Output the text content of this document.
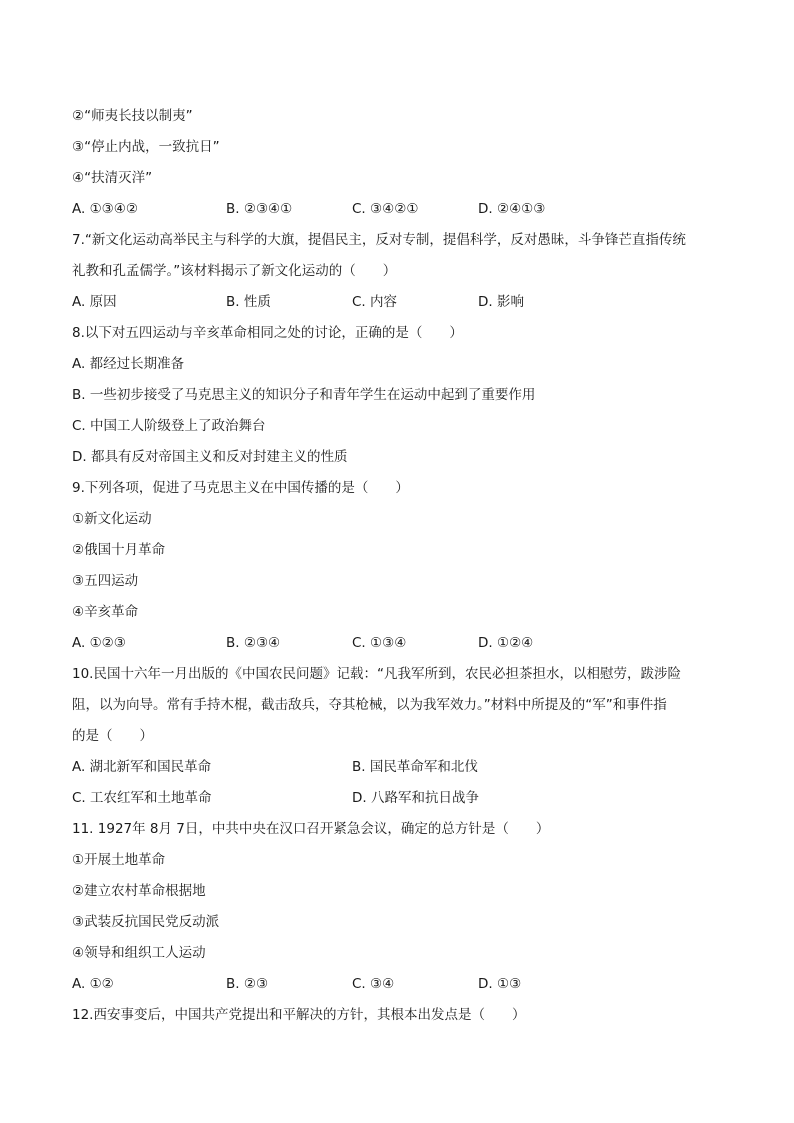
②“师夷长技以制夷”
③“停止内战，一致抗日”
④“扶清灭洋”
A. ①③④②	B. ②③④①	C. ③④②①	D. ②④①③
7.“新文化运动高举民主与科学的大旗，提倡民主，反对专制，提倡科学，反对愚昧，斗争锋芒直指传统
礼教和孔孟儒学。”该材料揭示了新文化运动的（　　）
A. 原因	B. 性质	C. 内容	D. 影响
8.以下对五四运动与辛亥革命相同之处的讨论，正确的是（　　）
A. 都经过长期准备
B. 一些初步接受了马克思主义的知识分子和青年学生在运动中起到了重要作用
C. 中国工人阶级登上了政治舞台
D. 都具有反对帝国主义和反对封建主义的性质
9.下列各项，促进了马克思主义在中国传播的是（　　）
①新文化运动
②俄国十月革命
③五四运动
④辛亥革命
A. ①②③	B. ②③④	C. ①③④	D. ①②④
10.民国十六年一月出版的《中国农民问题》记载：“凡我军所到，农民必担茶担水，以相慰劳，跋涉险
阻，以为向导。常有手持木棍，截击敌兵，夺其枪械，以为我军效力。”材料中所提及的“军”和事件指
的是（　　）
A. 湖北新军和国民革命	B. 国民革命军和北伐
C. 工农红军和土地革命	D. 八路军和抗日战争
11. 1927年 8月 7日，中共中央在汉口召开紧急会议，确定的总方针是（　　）
①开展土地革命
②建立农村革命根据地
③武装反抗国民党反动派
④领导和组织工人运动
A. ①②	B. ②③	C. ③④	D. ①③
12.西安事变后，中国共产党提出和平解决的方针，其根本出发点是（　　）
